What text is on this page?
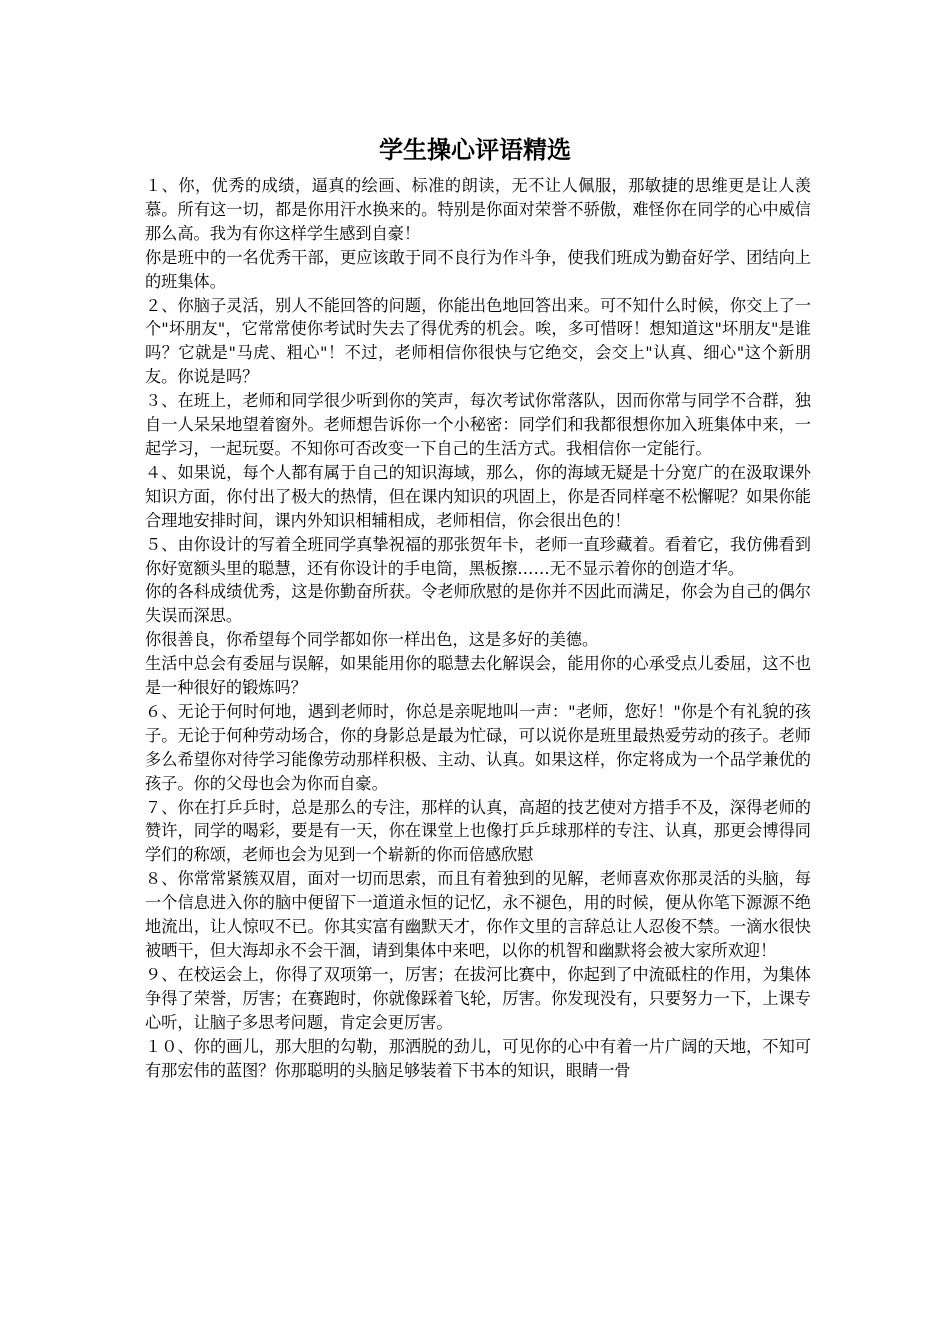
学生操心评语精选

１、你，优秀的成绩，逼真的绘画、标准的朗读，无不让人佩服，那敏捷的思维更是让人羡慕。所有这一切，都是你用汗水换来的。特别是你面对荣誉不骄傲，难怪你在同学的心中威信那么高。我为有你这样学生感到自豪！

你是班中的一名优秀干部，更应该敢于同不良行为作斗争，使我们班成为勤奋好学、团结向上的班集体。

２、你脑子灵活，别人不能回答的问题，你能出色地回答出来。可不知什么时候，你交上了一个"坏朋友"，它常常使你考试时失去了得优秀的机会。唉，多可惜呀！想知道这"坏朋友"是谁吗？它就是"马虎、粗心"！不过，老师相信你很快与它绝交，会交上"认真、细心"这个新朋友。你说是吗？

３、在班上，老师和同学很少听到你的笑声，每次考试你常落队，因而你常与同学不合群，独自一人呆呆地望着窗外。老师想告诉你一个小秘密：同学们和我都很想你加入班集体中来，一起学习，一起玩耍。不知你可否改变一下自己的生活方式。我相信你一定能行。

４、如果说，每个人都有属于自己的知识海域，那么，你的海域无疑是十分宽广的在汲取课外知识方面，你付出了极大的热情，但在课内知识的巩固上，你是否同样毫不松懈呢？如果你能合理地安排时间，课内外知识相辅相成，老师相信，你会很出色的！

５、由你设计的写着全班同学真挚祝福的那张贺年卡，老师一直珍藏着。看着它，我仿佛看到你好宽额头里的聪慧，还有你设计的手电筒，黑板擦……无不显示着你的创造才华。

你的各科成绩优秀，这是你勤奋所获。令老师欣慰的是你并不因此而满足，你会为自己的偶尔失误而深思。

你很善良，你希望每个同学都如你一样出色，这是多好的美德。

生活中总会有委屈与误解，如果能用你的聪慧去化解误会，能用你的心承受点儿委屈，这不也是一种很好的锻炼吗？

６、无论于何时何地，遇到老师时，你总是亲呢地叫一声："老师，您好！"你是个有礼貌的孩子。无论于何种劳动场合，你的身影总是最为忙碌，可以说你是班里最热爱劳动的孩子。老师多么希望你对待学习能像劳动那样积极、主动、认真。如果这样，你定将成为一个品学兼优的孩子。你的父母也会为你而自豪。

７、你在打乒乒时，总是那么的专注，那样的认真，高超的技艺使对方措手不及，深得老师的赞许，同学的喝彩，要是有一天，你在课堂上也像打乒乒球那样的专注、认真，那更会博得同学们的称颂，老师也会为见到一个崭新的你而倍感欣慰

８、你常常紧簇双眉，面对一切而思索，而且有着独到的见解，老师喜欢你那灵活的头脑，每一个信息进入你的脑中便留下一道道永恒的记忆，永不褪色，用的时候，便从你笔下源源不绝地流出，让人惊叹不已。你其实富有幽默天才，你作文里的言辞总让人忍俊不禁。一滴水很快被晒干，但大海却永不会干涸，请到集体中来吧，以你的机智和幽默将会被大家所欢迎！

９、在校运会上，你得了双项第一，厉害；在拔河比赛中，你起到了中流砥柱的作用，为集体争得了荣誉，厉害；在赛跑时，你就像踩着飞轮，厉害。你发现没有，只要努力一下，上课专心听，让脑子多思考问题，肯定会更厉害。

１０、你的画儿，那大胆的勾勒，那洒脱的劲儿，可见你的心中有着一片广阔的天地，不知可有那宏伟的蓝图？你那聪明的头脑足够装着下书本的知识，眼睛一骨
